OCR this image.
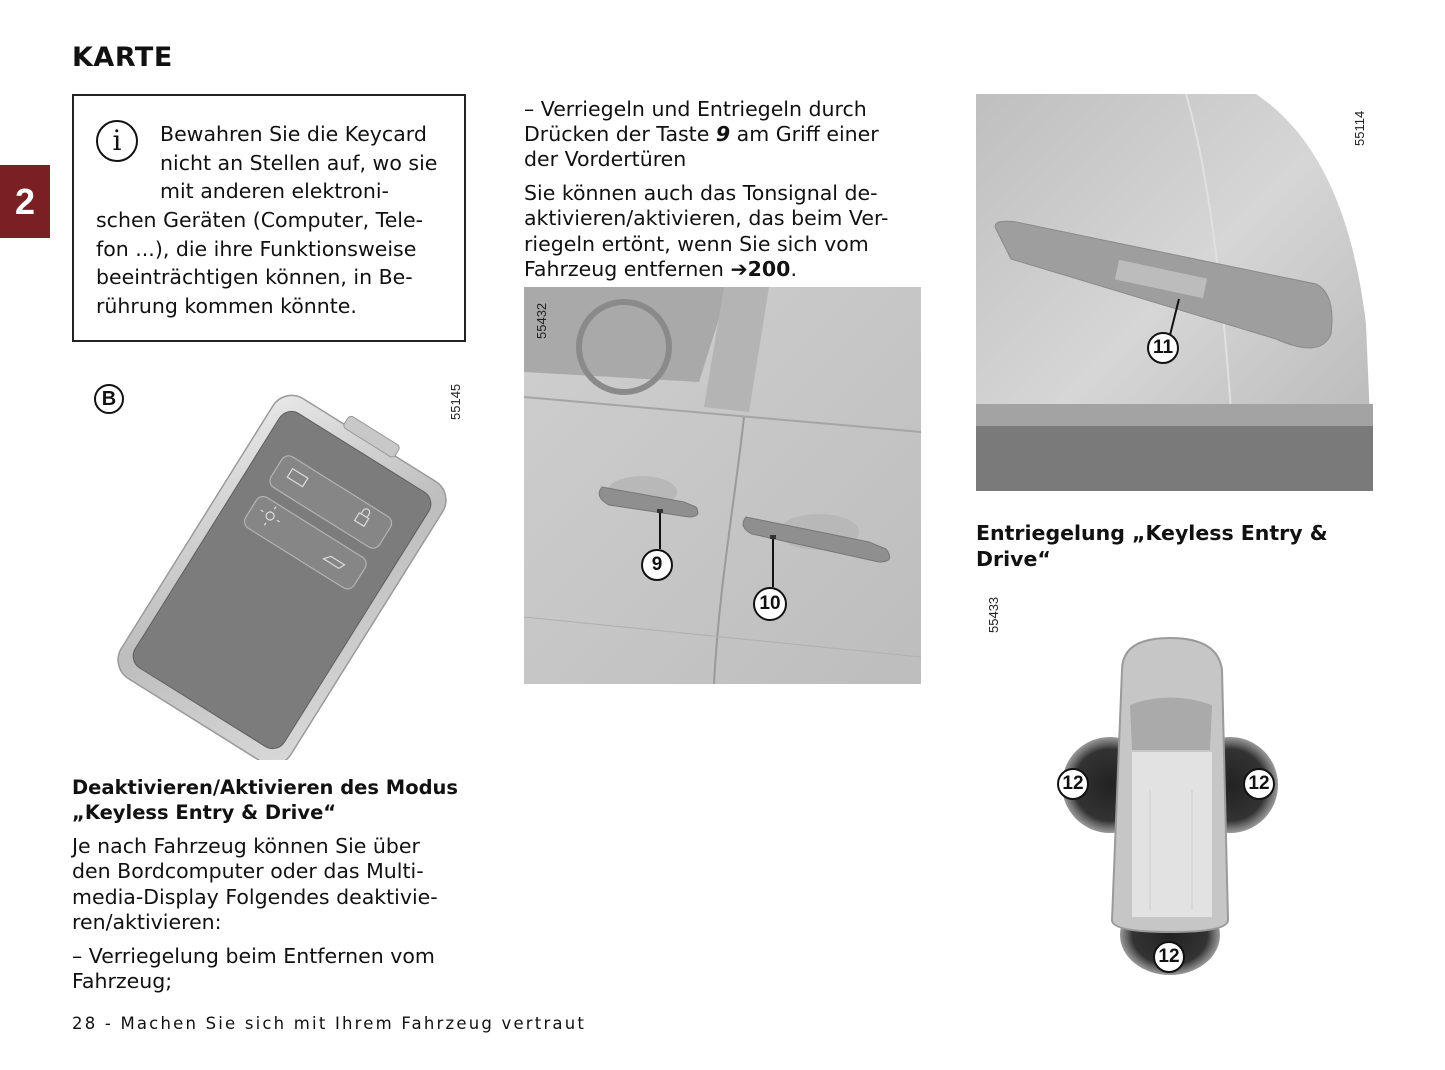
2
KARTE
i Bewahren Sie die Keycard
nicht an Stellen auf, wo sie
mit anderen elektroni-
schen Geräten (Computer, Tele-
fon ...), die ihre Funktionsweise
beeinträchtigen können, in Be-
rührung kommen könnte.
B	55145
Deaktivieren/Aktivieren des Modus
„Keyless Entry & Drive“
Je nach Fahrzeug können Sie über
den Bordcomputer oder das Multi-
media-Display Folgendes deaktivie-
ren/aktivieren:
– Verriegelung beim Entfernen vom
Fahrzeug;
28 - Machen Sie sich mit Ihrem Fahrzeug vertraut
– Verriegeln und Entriegeln durch
Drücken der Taste 9 am Griff einer
der Vordertüren
Sie können auch das Tonsignal de-
aktivieren/aktivieren, das beim Ver-
riegeln ertönt, wenn Sie sich vom
Fahrzeug entfernen ➔200.
55432
9
10
55114
11
Entriegelung „Keyless Entry &
Drive“
55433
12	12
12
